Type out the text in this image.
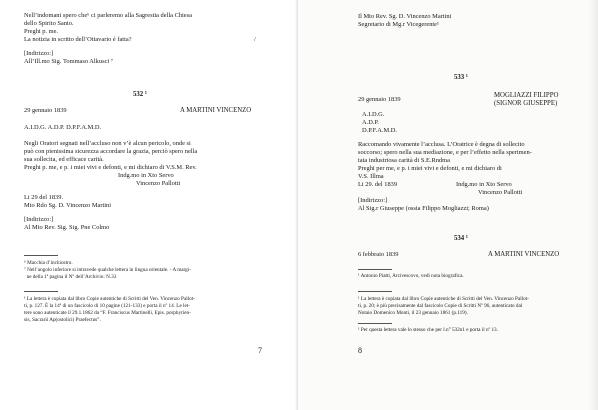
Nell’indomani spero che⁶ ci parleremo alla Sagrestia della Chiesa
dello Spirito Santo.
Preghi p. me.
La notizia in scritto dell’Ottavario è fatta?	/
[Indirizzo:]
All’Ill.mo Sig. Tommaso Alkusci ⁷
532 ¹
29 gennaio 1839	A MARTINI VINCENZO
A.I.D.G. A.D.P. D.P.F.A.M.D.
Negli Oratori segnati nell’accluso non v’è alcun pericolo, onde si
può con pienissima sicurezza accordare la grazia, perciò spero nella
sua sollecita, ed efficace carità.
Preghi p. me, e p. i miei vivi e defonti, e mi dichiaro di V.S.M. Rev.
Indg.mo in Xto Servo
Vincenzo Pallotti
Li 29 del 1839.
Mto Rdo Sg. D. Vincenzo Martini
[Indirizzo:]
Al Mto Rev. Sig. Sig. Pne Colmo
⁶ Macchia d’inchiostro.
⁷ Nell’angolo inferiore si intravede qualche lettera in lingua orientale. - A margi-
ne della 1ª pagina il Nº dell’Archivio: N.33
¹ La lettera è copiata dal libro Copie autentiche di Scritti del Ven. Vincenzo Pallot-
ti, p. 127. È la 14ª di un fascicolo di 10 pagine (121-133) e porta il nº 14. Le let-
tere sono autenticate il 29.1.1862 da “F. Franciscus Martinelli, Epis. porphyrien-
sis, Sacrarii Ap(ostolici) Praefectus”.
7
Il Mto Rev. Sg. D. Vincenzo Martini
Segretario di Mg.r Vicegerente¹
533 ¹
29 gennaio 1839
MOGLIAZZI FILIPPO
(SIGNOR GIUSEPPE)
A.I.D.G.
A.D.P.
D.P.F.A.M.D.
Raccomando vivamente l’acclusa. L’Oratrice è degna di sollecito
soccorso; spero nella sua mediazione, e per l’effetto nella sperimen-
tata industriosa carità di S.E.Rndma
Preghi per me, e p. i miei vivi e defonti, e mi dichiaro di
V.S. Illma
Li 29. del 1839	Indg.mo in Xto Servo
Vincenzo Pallotti
[Indirizzo:]
Al Sig.r Giuseppe (ossia Filippo Mogliazzi; Roma)
534 ¹
6 febbraio 1839	A MARTINI VINCENZO
¹ Antonio Piatti, Arcivescovo, vedi nota biografica.
¹ La lettera è copiata dal libro Copie autentiche di Scritti del Ven. Vincenzo Pallot-
ti, p. 20; è più precisamente dal fascicolo Copie di Scritti Nº 96, autenticato dal
Notaio Domenico Monti, il 23 gennaio 1861 (p.119).
¹ Per questa lettera vale lo stesso che per l.n° 532n1 e porta il nº 13.
8
